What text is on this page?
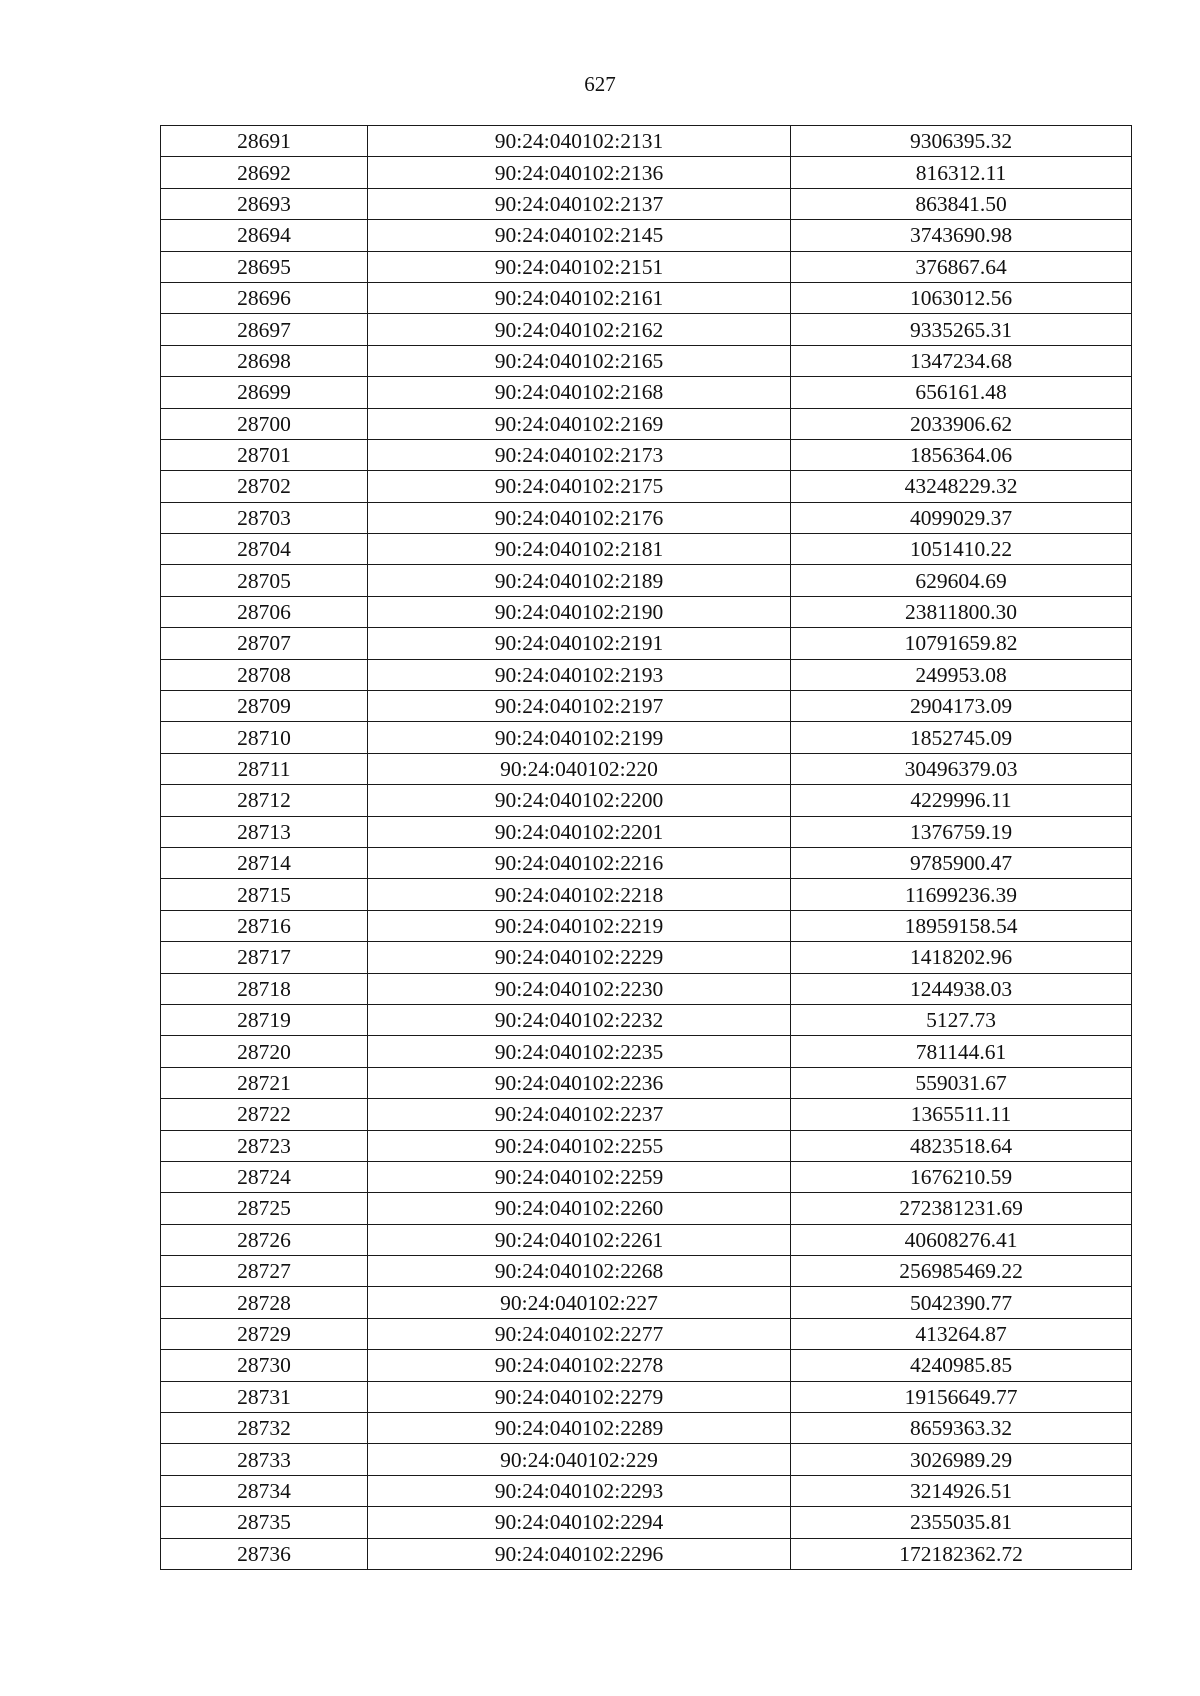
627
28691	90:24:040102:2131	9306395.32
28692	90:24:040102:2136	816312.11
28693	90:24:040102:2137	863841.50
28694	90:24:040102:2145	3743690.98
28695	90:24:040102:2151	376867.64
28696	90:24:040102:2161	1063012.56
28697	90:24:040102:2162	9335265.31
28698	90:24:040102:2165	1347234.68
28699	90:24:040102:2168	656161.48
28700	90:24:040102:2169	2033906.62
28701	90:24:040102:2173	1856364.06
28702	90:24:040102:2175	43248229.32
28703	90:24:040102:2176	4099029.37
28704	90:24:040102:2181	1051410.22
28705	90:24:040102:2189	629604.69
28706	90:24:040102:2190	23811800.30
28707	90:24:040102:2191	10791659.82
28708	90:24:040102:2193	249953.08
28709	90:24:040102:2197	2904173.09
28710	90:24:040102:2199	1852745.09
28711	90:24:040102:220	30496379.03
28712	90:24:040102:2200	4229996.11
28713	90:24:040102:2201	1376759.19
28714	90:24:040102:2216	9785900.47
28715	90:24:040102:2218	11699236.39
28716	90:24:040102:2219	18959158.54
28717	90:24:040102:2229	1418202.96
28718	90:24:040102:2230	1244938.03
28719	90:24:040102:2232	5127.73
28720	90:24:040102:2235	781144.61
28721	90:24:040102:2236	559031.67
28722	90:24:040102:2237	1365511.11
28723	90:24:040102:2255	4823518.64
28724	90:24:040102:2259	1676210.59
28725	90:24:040102:2260	272381231.69
28726	90:24:040102:2261	40608276.41
28727	90:24:040102:2268	256985469.22
28728	90:24:040102:227	5042390.77
28729	90:24:040102:2277	413264.87
28730	90:24:040102:2278	4240985.85
28731	90:24:040102:2279	19156649.77
28732	90:24:040102:2289	8659363.32
28733	90:24:040102:229	3026989.29
28734	90:24:040102:2293	3214926.51
28735	90:24:040102:2294	2355035.81
28736	90:24:040102:2296	172182362.72
